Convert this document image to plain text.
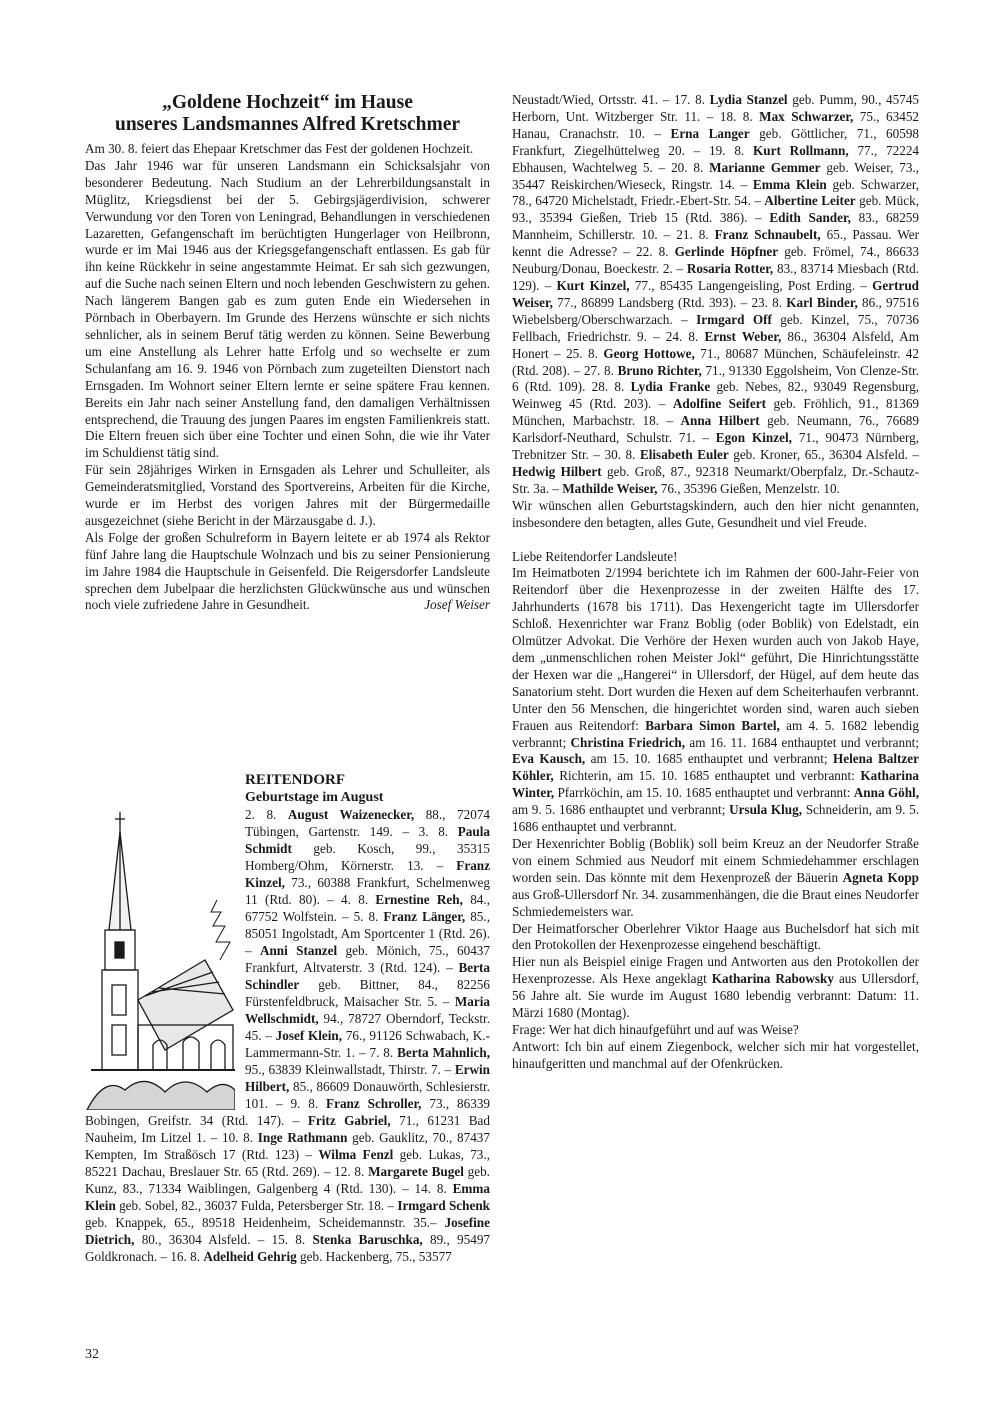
„Goldene Hochzeit“ im Hause
unseres Landsmannes Alfred Kretschmer

Am 30. 8. feiert das Ehepaar Kretschmer das Fest der goldenen Hochzeit.

Das Jahr 1946 war für unseren Landsmann ein Schicksalsjahr von besonderer Bedeutung. Nach Studium an der Lehrerbildungsanstalt in Müglitz, Kriegsdienst bei der 5. Gebirgsjägerdivision, schwerer Verwundung vor den Toren von Leningrad, Behandlungen in verschiedenen Lazaretten, Gefangenschaft im berüchtigten Hungerlager von Heilbronn, wurde er im Mai 1946 aus der Kriegsgefangenschaft entlassen. Es gab für ihn keine Rückkehr in seine angestammte Heimat. Er sah sich gezwungen, auf die Suche nach seinen Eltern und noch lebenden Geschwistern zu gehen. Nach längerem Bangen gab es zum guten Ende ein Wiedersehen in Pörnbach in Oberbayern. Im Grunde des Herzens wünschte er sich nichts sehnlicher, als in seinem Beruf tätig werden zu können. Seine Bewerbung um eine Anstellung als Lehrer hatte Erfolg und so wechselte er zum Schulanfang am 16. 9. 1946 von Pörnbach zum zugeteilten Dienstort nach Ernsgaden. Im Wohnort seiner Eltern lernte er seine spätere Frau kennen. Bereits ein Jahr nach seiner Anstellung fand, den damaligen Verhältnissen entsprechend, die Trauung des jungen Paares im engsten Familienkreis statt. Die Eltern freuen sich über eine Tochter und einen Sohn, die wie ihr Vater im Schuldienst tätig sind.

Für sein 28jähriges Wirken in Ernsgaden als Lehrer und Schulleiter, als Gemeinderatsmitglied, Vorstand des Sportvereins, Arbeiten für die Kirche, wurde er im Herbst des vorigen Jahres mit der Bürgermedaille ausgezeichnet (siehe Bericht in der Märzausgabe d. J.).

Als Folge der großen Schulreform in Bayern leitete er ab 1974 als Rektor fünf Jahre lang die Hauptschule Wolnzach und bis zu seiner Pensionierung im Jahre 1984 die Hauptschule in Geisenfeld. Die Reigersdorfer Landsleute sprechen dem Jubelpaar die herzlichsten Glückwünsche aus und wünschen noch viele zufriedene Jahre in Gesundheit.	Josef Weiser

REITENDORF
Geburtstage im August
2. 8. August Waizenecker, 88., 72074 Tübingen, Gartenstr. 149. – 3. 8. Paula Schmidt geb. Kosch, 99., 35315 Homberg/Ohm, Körnerstr. 13. – Franz Kinzel, 73., 60388 Frankfurt, Schelmenweg 11 (Rtd. 80). – 4. 8. Ernestine Reh, 84., 67752 Wolfstein. – 5. 8. Franz Länger, 85., 85051 Ingolstadt, Am Sportcenter 1 (Rtd. 26). – Anni Stanzel geb. Mönich, 75., 60437 Frankfurt, Altvaterstr. 3 (Rtd. 124). – Berta Schindler geb. Bittner, 84., 82256 Fürstenfeldbruck, Maisacher Str. 5. – Maria Wellschmidt, 94., 78727 Oberndorf, Teckstr. 45. – Josef Klein, 76., 91126 Schwabach, K.-Lammermann-Str. 1. – 7. 8. Berta Mahnlich, 95., 63839 Kleinwallstadt, Thirstr. 7. – Erwin Hilbert, 85., 86609 Donauwörth, Schlesierstr. 101. – 9. 8. Franz Schroller, 73., 86339 Bobingen, Greifstr. 34 (Rtd. 147). – Fritz Gabriel, 71., 61231 Bad Nauheim, Im Litzel 1. – 10. 8. Inge Rathmann geb. Gauklitz, 70., 87437 Kempten, Im Straßösch 17 (Rtd. 123) – Wilma Fenzl geb. Lukas, 73., 85221 Dachau, Breslauer Str. 65 (Rtd. 269). – 12. 8. Margarete Bugel geb. Kunz, 83., 71334 Waiblingen, Galgenberg 4 (Rtd. 130). – 14. 8. Emma Klein geb. Sobel, 82., 36037 Fulda, Petersberger Str. 18. – Irmgard Schenk geb. Knappek, 65., 89518 Heidenheim, Scheidemannstr. 35.– Josefine Dietrich, 80., 36304 Alsfeld. – 15. 8. Stenka Baruschka, 89., 95497 Goldkronach. – 16. 8. Adelheid Gehrig geb. Hackenberg, 75., 53577

Neustadt/Wied, Ortsstr. 41. – 17. 8. Lydia Stanzel geb. Pumm, 90., 45745 Herborn, Unt. Witzberger Str. 11. – 18. 8. Max Schwarzer, 75., 63452 Hanau, Cranachstr. 10. – Erna Langer geb. Göttlicher, 71., 60598 Frankfurt, Ziegelhüttelweg 20. – 19. 8. Kurt Rollmann, 77., 72224 Ebhausen, Wachtelweg 5. – 20. 8. Marianne Gemmer geb. Weiser, 73., 35447 Reiskirchen/Wieseck, Ringstr. 14. – Emma Klein geb. Schwarzer, 78., 64720 Michelstadt, Friedr.-Ebert-Str. 54. – Albertine Leiter geb. Mück, 93., 35394 Gießen, Trieb 15 (Rtd. 386). – Edith Sander, 83., 68259 Mannheim, Schillerstr. 10. – 21. 8. Franz Schnaubelt, 65., Passau. Wer kennt die Adresse? – 22. 8. Gerlinde Höpfner geb. Frömel, 74., 86633 Neuburg/Donau, Boeckestr. 2. – Rosaria Rotter, 83., 83714 Miesbach (Rtd. 129). – Kurt Kinzel, 77., 85435 Langengeisling, Post Erding. – Gertrud Weiser, 77., 86899 Landsberg (Rtd. 393). – 23. 8. Karl Binder, 86., 97516 Wiebelsberg/Oberschwarzach. – Irmgard Off geb. Kinzel, 75., 70736 Fellbach, Friedrichstr. 9. – 24. 8. Ernst Weber, 86., 36304 Alsfeld, Am Honert – 25. 8. Georg Hottowe, 71., 80687 München, Schäufeleinstr. 42 (Rtd. 208). – 27. 8. Bruno Richter, 71., 91330 Eggolsheim, Von Clenze-Str. 6 (Rtd. 109). 28. 8. Lydia Franke geb. Nebes, 82., 93049 Regensburg, Weinweg 45 (Rtd. 203). – Adolfine Seifert geb. Fröhlich, 91., 81369 München, Marbachstr. 18. – Anna Hilbert geb. Neumann, 76., 76689 Karlsdorf-Neuthard, Schulstr. 71. – Egon Kinzel, 71., 90473 Nürnberg, Trebnitzer Str. – 30. 8. Elisabeth Euler geb. Kroner, 65., 36304 Alsfeld. – Hedwig Hilbert geb. Groß, 87., 92318 Neumarkt/Oberpfalz, Dr.-Schautz-Str. 3a. – Mathilde Weiser, 76., 35396 Gießen, Menzelstr. 10.

Wir wünschen allen Geburtstagskindern, auch den hier nicht genannten, insbesondere den betagten, alles Gute, Gesundheit und viel Freude.

Liebe Reitendorfer Landsleute!

Im Heimatboten 2/1994 berichtete ich im Rahmen der 600-Jahr-Feier von Reitendorf über die Hexenprozesse in der zweiten Hälfte des 17. Jahrhunderts (1678 bis 1711). Das Hexengericht tagte im Ullersdorfer Schloß. Hexenrichter war Franz Boblig (oder Boblik) von Edelstadt, ein Olmützer Advokat. Die Verhöre der Hexen wurden auch von Jakob Haye, dem „unmenschlichen rohen Meister Jokl“ geführt, Die Hinrichtungsstätte der Hexen war die „Hangerei“ in Ullersdorf, der Hügel, auf dem heute das Sanatorium steht. Dort wurden die Hexen auf dem Scheiterhaufen verbrannt. Unter den 56 Menschen, die hingerichtet worden sind, waren auch sieben Frauen aus Reitendorf: Barbara Simon Bartel, am 4. 5. 1682 lebendig verbrannt; Christina Friedrich, am 16. 11. 1684 enthauptet und verbrannt; Eva Kausch, am 15. 10. 1685 enthauptet und verbrannt; Helena Baltzer Köhler, Richterin, am 15. 10. 1685 enthauptet und verbrannt: Katharina Winter, Pfarrköchin, am 15. 10. 1685 enthauptet und verbrannt: Anna Göhl, am 9. 5. 1686 enthauptet und verbrannt; Ursula Klug, Schneiderin, am 9. 5. 1686 enthauptet und verbrannt.

Der Hexenrichter Boblig (Boblik) soll beim Kreuz an der Neudorfer Straße von einem Schmied aus Neudorf mit einem Schmiedehammer erschlagen worden sein. Das könnte mit dem Hexenprozeß der Bäuerin Agneta Kopp aus Groß-Ullersdorf Nr. 34. zusammenhängen, die die Braut eines Neudorfer Schmiedemeisters war.

Der Heimatforscher Oberlehrer Viktor Haage aus Buchelsdorf hat sich mit den Protokollen der Hexenprozesse eingehend beschäftigt.

Hier nun als Beispiel einige Fragen und Antworten aus den Protokollen der Hexenprozesse. Als Hexe angeklagt Katharina Rabowsky aus Ullersdorf, 56 Jahre alt. Sie wurde im August 1680 lebendig verbrannt: Datum: 11. Märzi 1680 (Montag).

Frage: Wer hat dich hinaufgeführt und auf was Weise?

Antwort: Ich bin auf einem Ziegenbock, welcher sich mir hat vorgestellet, hinaufgeritten und manchmal auf der Ofenkrücken.

32
